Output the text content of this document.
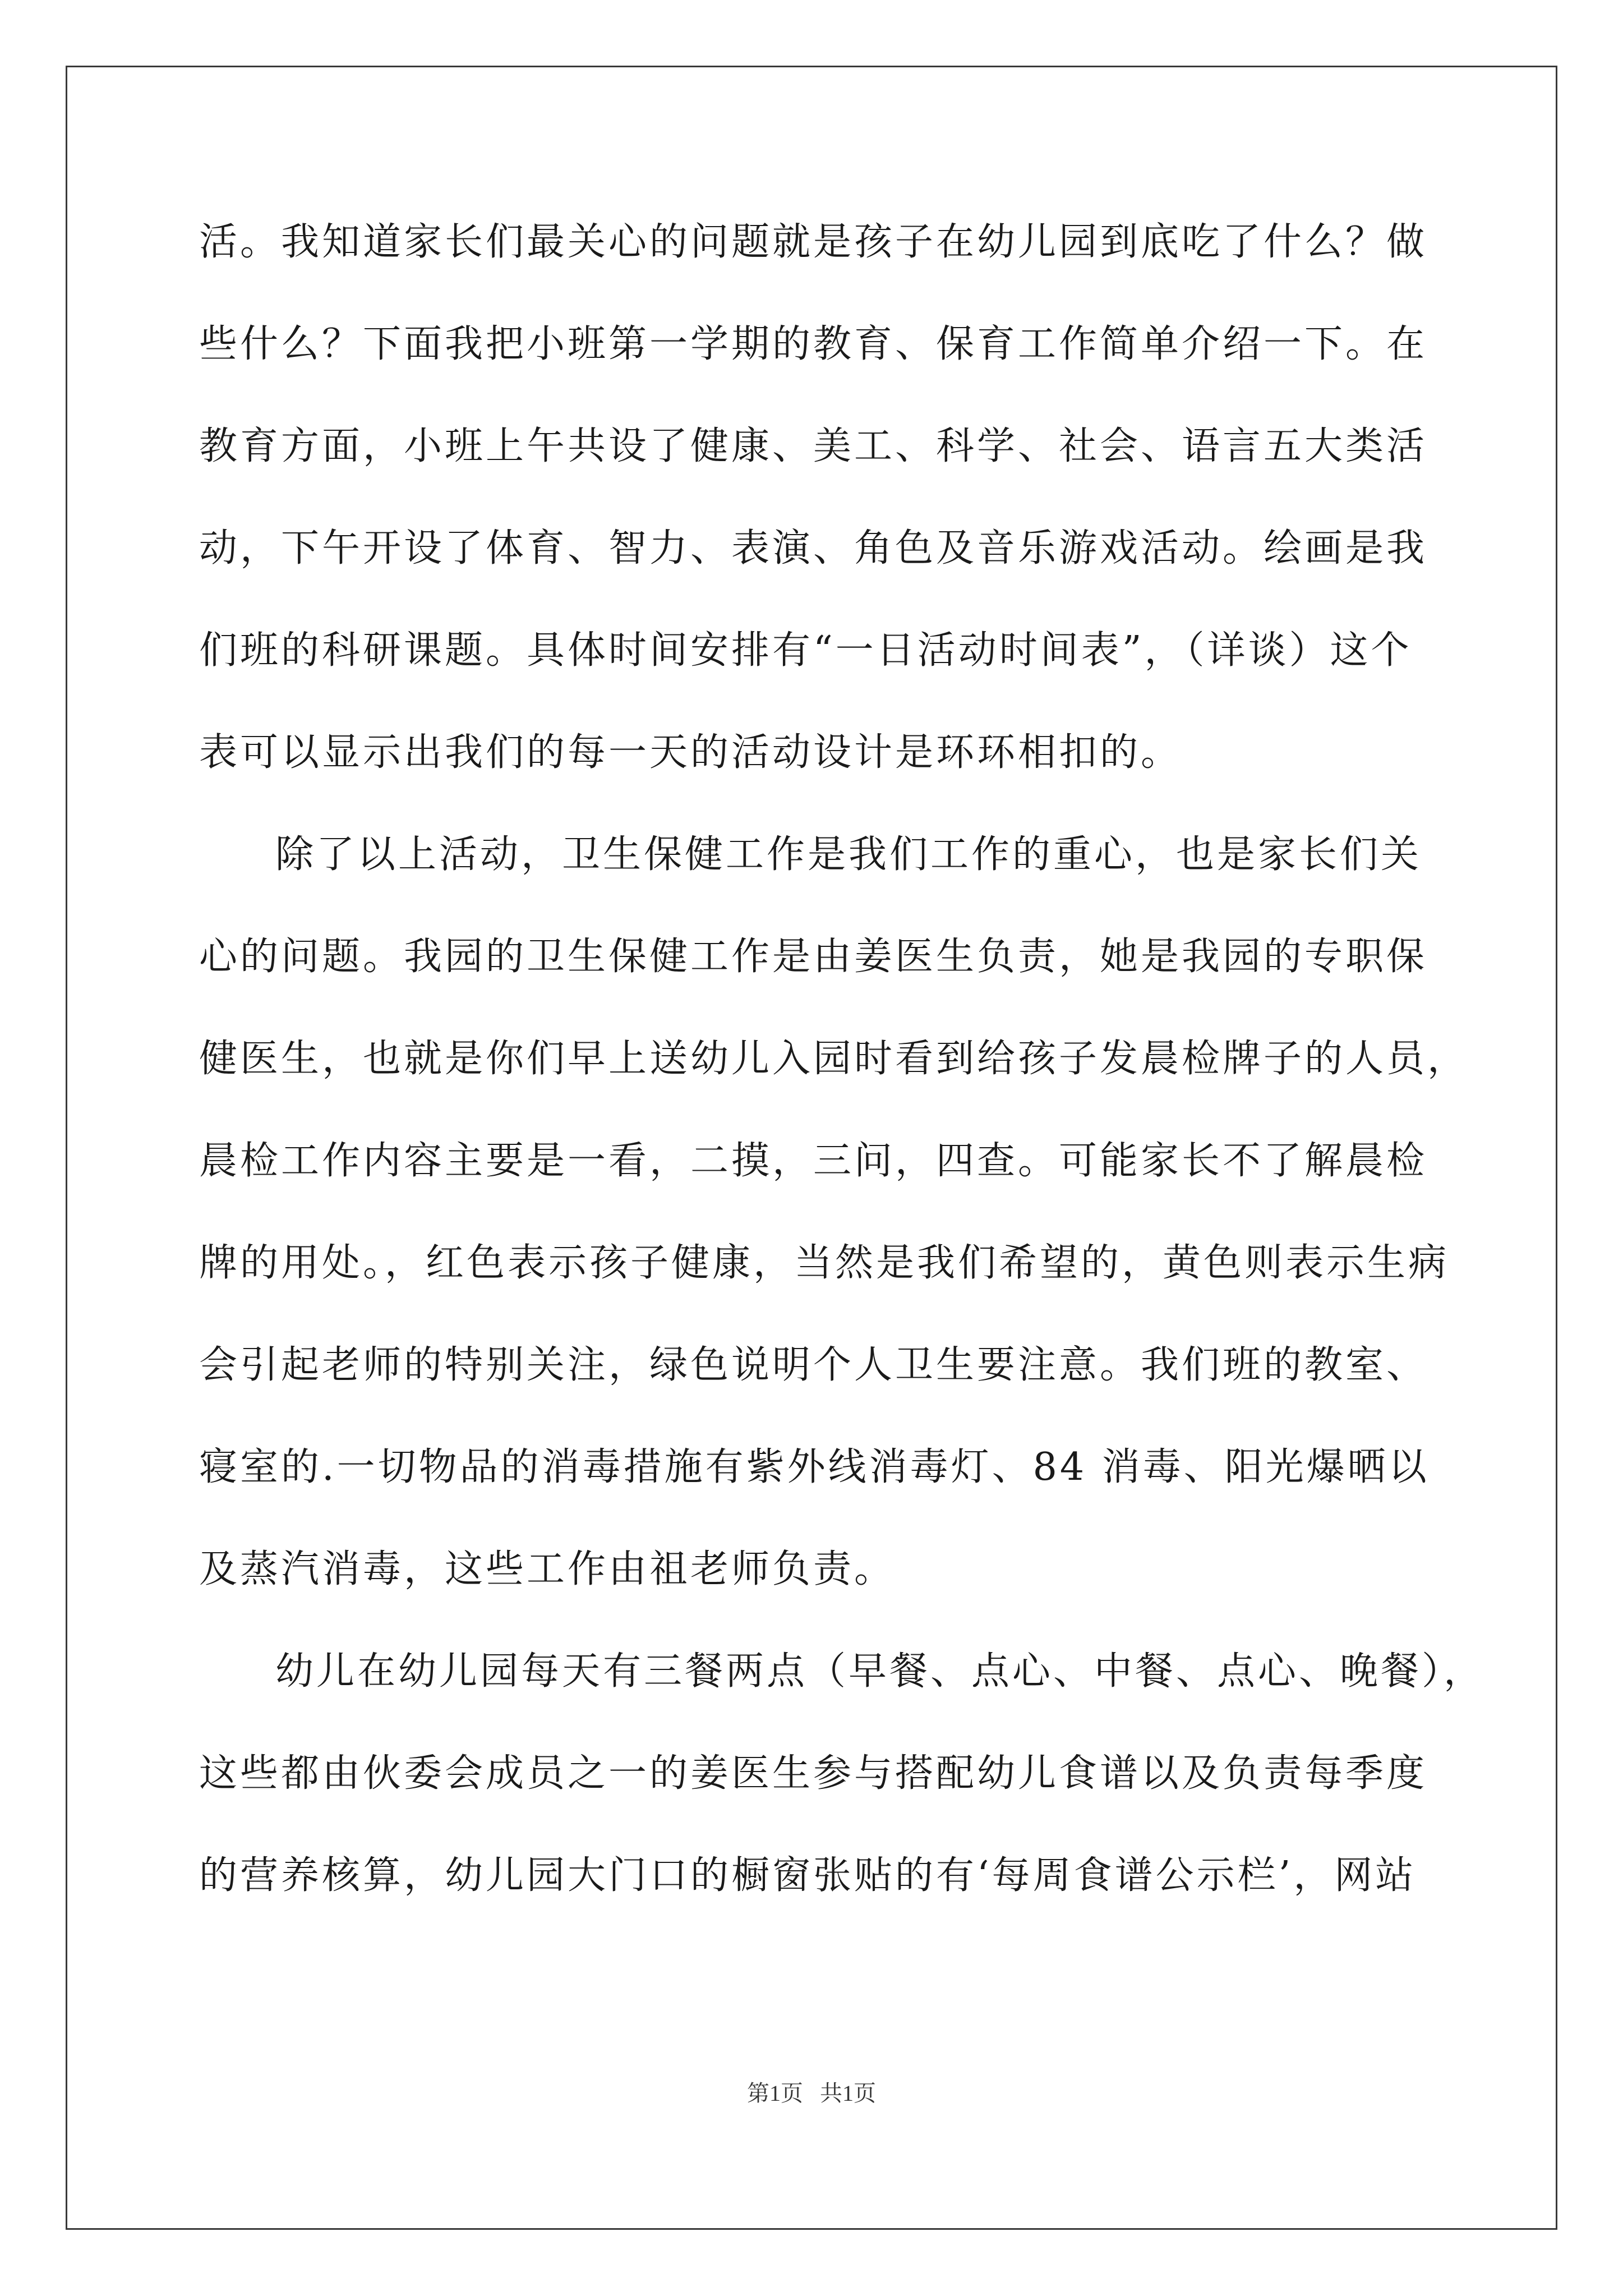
活。我知道家长们最关心的问题就是孩子在幼儿园到底吃了什么？做
些什么？下面我把小班第一学期的教育、保育工作简单介绍一下。在
教育方面，小班上午共设了健康、美工、科学、社会、语言五大类活
动，下午开设了体育、智力、表演、角色及音乐游戏活动。绘画是我
们班的科研课题。具体时间安排有“一日活动时间表”，（详谈）这个
表可以显示出我们的每一天的活动设计是环环相扣的。
除了以上活动，卫生保健工作是我们工作的重心，也是家长们关
心的问题。我园的卫生保健工作是由姜医生负责，她是我园的专职保
健医生，也就是你们早上送幼儿入园时看到给孩子发晨检牌子的人员，
晨检工作内容主要是一看，二摸，三问，四查。可能家长不了解晨检
牌的用处。，红色表示孩子健康，当然是我们希望的，黄色则表示生病
会引起老师的特别关注，绿色说明个人卫生要注意。我们班的教室、
寝室的.一切物品的消毒措施有紫外线消毒灯、84 消毒、阳光爆晒以
及蒸汽消毒，这些工作由祖老师负责。
幼儿在幼儿园每天有三餐两点（早餐、点心、中餐、点心、晚餐），
这些都由伙委会成员之一的姜医生参与搭配幼儿食谱以及负责每季度
的营养核算，幼儿园大门口的橱窗张贴的有‘每周食谱公示栏’，网站
第1页   共1页
